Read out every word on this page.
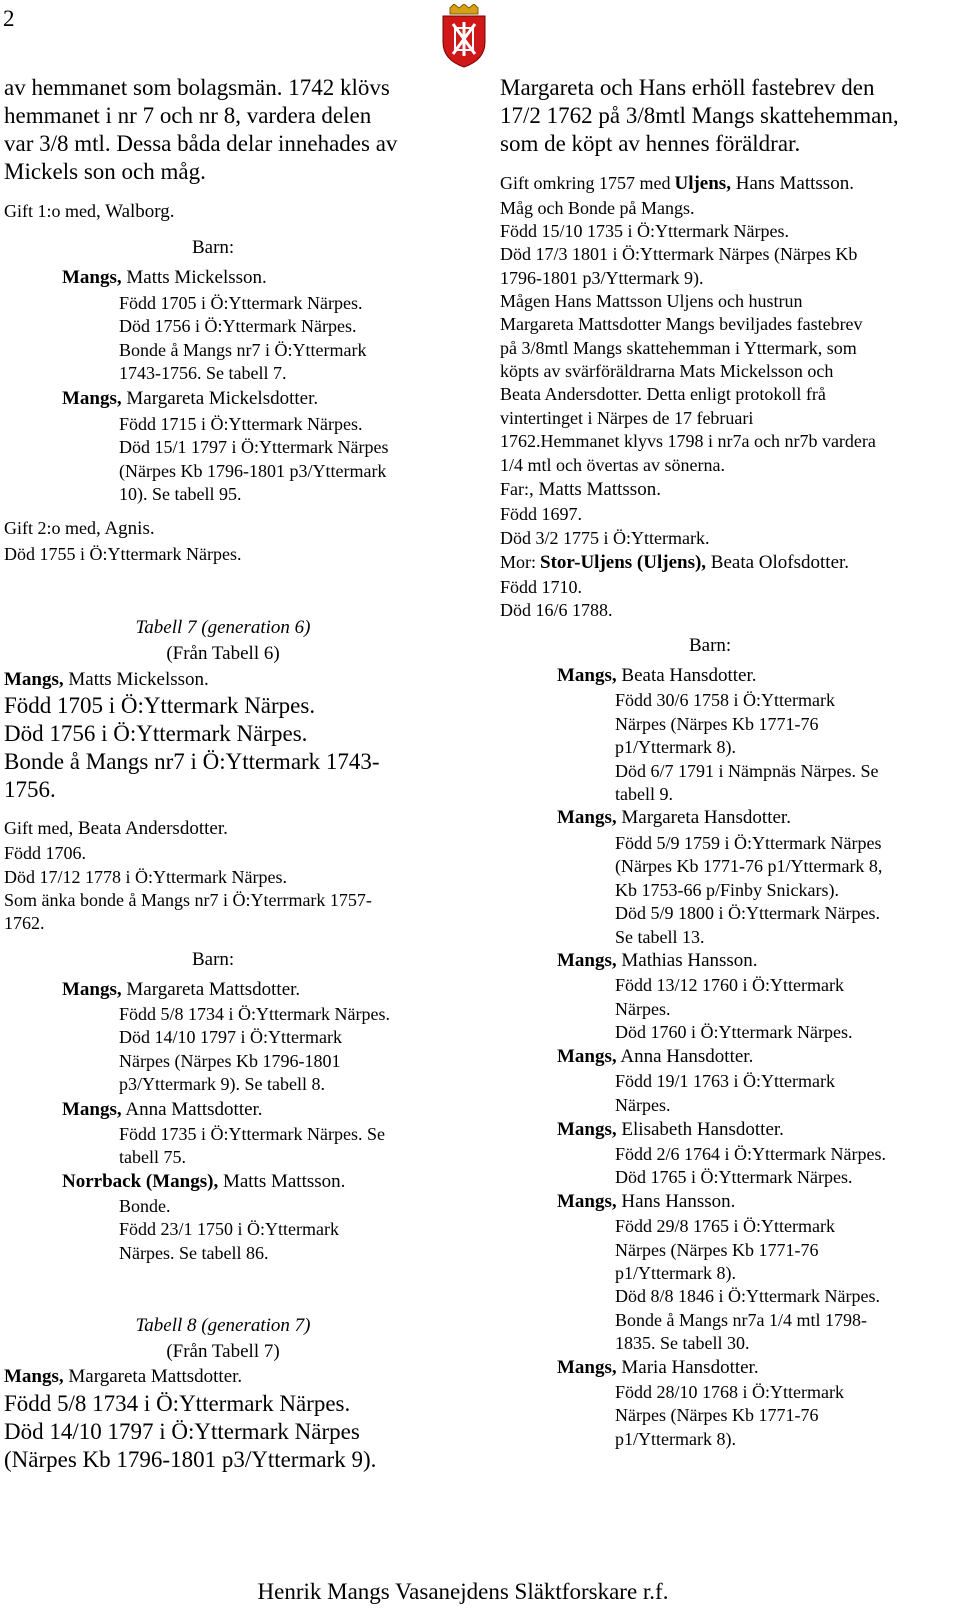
2
av hemmanet som bolagsmän. 1742 klövs
hemmanet i nr 7 och nr 8, vardera delen
var 3/8 mtl. Dessa båda delar innehades av
Mickels son och måg.
Gift 1:o med, Walborg.
Barn:
Mangs, Matts Mickelsson.
Född 1705 i Ö:Yttermark Närpes.
Död 1756 i Ö:Yttermark Närpes.
Bonde å Mangs nr7 i Ö:Yttermark
1743-1756. Se tabell 7.
Mangs, Margareta Mickelsdotter.
Född 1715 i Ö:Yttermark Närpes.
Död 15/1 1797 i Ö:Yttermark Närpes
(Närpes Kb 1796-1801 p3/Yttermark
10). Se tabell 95.
Gift 2:o med, Agnis.
Död 1755 i Ö:Yttermark Närpes.
Tabell 7 (generation 6)
(Från Tabell 6)
Mangs, Matts Mickelsson.
Född 1705 i Ö:Yttermark Närpes.
Död 1756 i Ö:Yttermark Närpes.
Bonde å Mangs nr7 i Ö:Yttermark 1743-
1756.
Gift med, Beata Andersdotter.
Född 1706.
Död 17/12 1778 i Ö:Yttermark Närpes.
Som änka bonde å Mangs nr7 i Ö:Yterrmark 1757-
1762.
Barn:
Mangs, Margareta Mattsdotter.
Född 5/8 1734 i Ö:Yttermark Närpes.
Död 14/10 1797 i Ö:Yttermark
Närpes (Närpes Kb 1796-1801
p3/Yttermark 9). Se tabell 8.
Mangs, Anna Mattsdotter.
Född 1735 i Ö:Yttermark Närpes. Se
tabell 75.
Norrback (Mangs), Matts Mattsson.
Bonde.
Född 23/1 1750 i Ö:Yttermark
Närpes. Se tabell 86.
Tabell 8 (generation 7)
(Från Tabell 7)
Mangs, Margareta Mattsdotter.
Född 5/8 1734 i Ö:Yttermark Närpes.
Död 14/10 1797 i Ö:Yttermark Närpes
(Närpes Kb 1796-1801 p3/Yttermark 9).
Margareta och Hans erhöll fastebrev den
17/2 1762 på 3/8mtl Mangs skattehemman,
som de köpt av hennes föräldrar.
Gift omkring 1757 med Uljens, Hans Mattsson.
Måg och Bonde på Mangs.
Född 15/10 1735 i Ö:Yttermark Närpes.
Död 17/3 1801 i Ö:Yttermark Närpes (Närpes Kb
1796-1801 p3/Yttermark 9).
Mågen Hans Mattsson Uljens och hustrun
Margareta Mattsdotter Mangs beviljades fastebrev
på 3/8mtl Mangs skattehemman i Yttermark, som
köpts av svärföräldrarna Mats Mickelsson och
Beata Andersdotter. Detta enligt protokoll frå
vintertinget i Närpes de 17 februari
1762.Hemmanet klyvs 1798 i nr7a och nr7b vardera
1/4 mtl och övertas av sönerna.
Far:, Matts Mattsson.
Född 1697.
Död 3/2 1775 i Ö:Yttermark.
Mor: Stor-Uljens (Uljens), Beata Olofsdotter.
Född 1710.
Död 16/6 1788.
Barn:
Mangs, Beata Hansdotter.
Född 30/6 1758 i Ö:Yttermark
Närpes (Närpes Kb 1771-76
p1/Yttermark 8).
Död 6/7 1791 i Nämpnäs Närpes. Se
tabell 9.
Mangs, Margareta Hansdotter.
Född 5/9 1759 i Ö:Yttermark Närpes
(Närpes Kb 1771-76 p1/Yttermark 8,
Kb 1753-66 p/Finby Snickars).
Död 5/9 1800 i Ö:Yttermark Närpes.
Se tabell 13.
Mangs, Mathias Hansson.
Född 13/12 1760 i Ö:Yttermark
Närpes.
Död 1760 i Ö:Yttermark Närpes.
Mangs, Anna Hansdotter.
Född 19/1 1763 i Ö:Yttermark
Närpes.
Mangs, Elisabeth Hansdotter.
Född 2/6 1764 i Ö:Yttermark Närpes.
Död 1765 i Ö:Yttermark Närpes.
Mangs, Hans Hansson.
Född 29/8 1765 i Ö:Yttermark
Närpes (Närpes Kb 1771-76
p1/Yttermark 8).
Död 8/8 1846 i Ö:Yttermark Närpes.
Bonde å Mangs nr7a 1/4 mtl 1798-
1835. Se tabell 30.
Mangs, Maria Hansdotter.
Född 28/10 1768 i Ö:Yttermark
Närpes (Närpes Kb 1771-76
p1/Yttermark 8).
Henrik Mangs Vasanejdens Släktforskare r.f.
